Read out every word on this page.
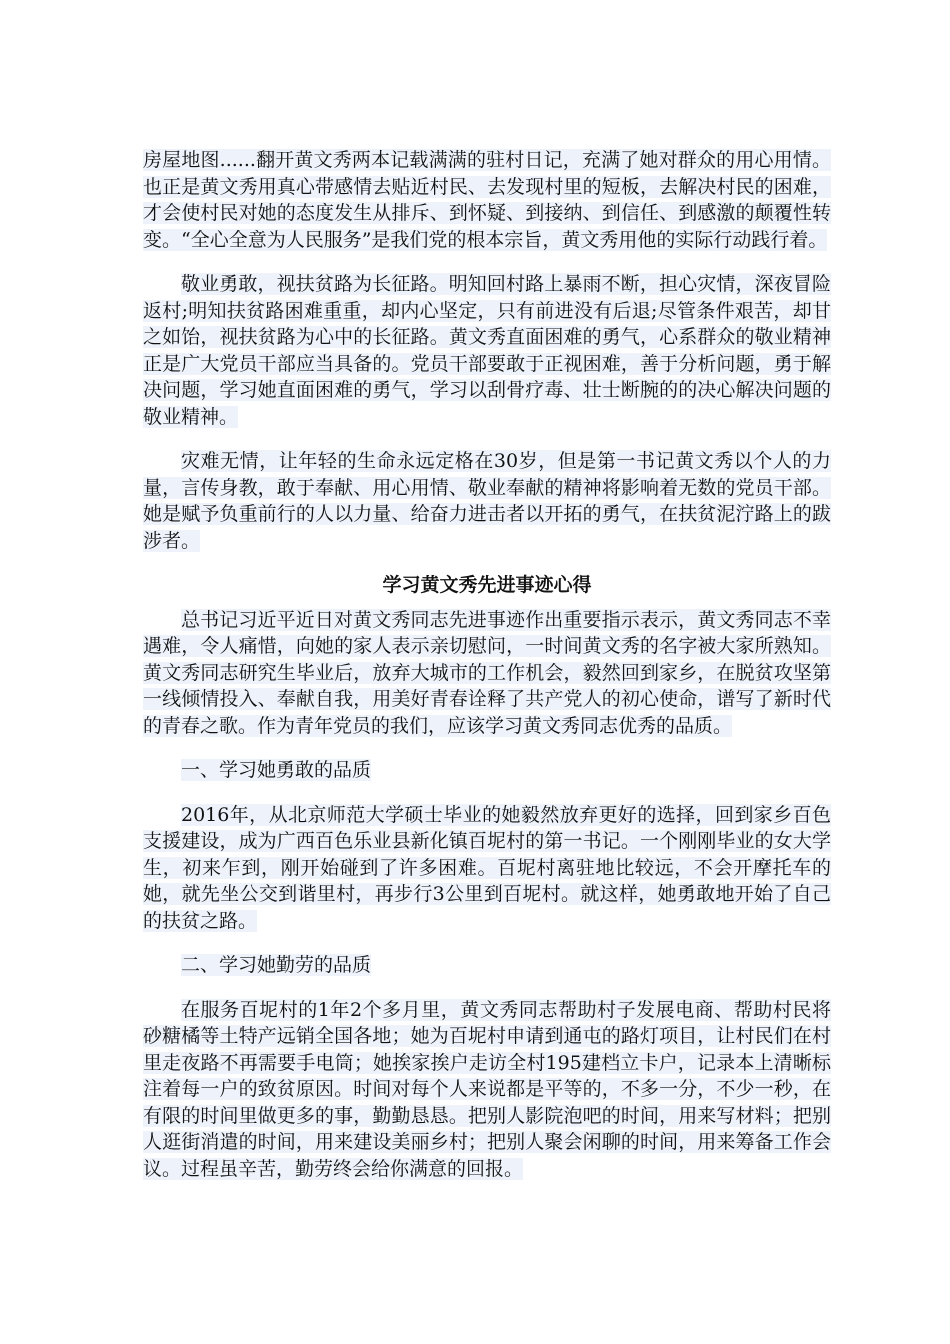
房屋地图......翻开黄文秀两本记载满满的驻村日记，充满了她对群众的用心用情。也正是黄文秀用真心带感情去贴近村民、去发现村里的短板，去解决村民的困难，才会使村民对她的态度发生从排斥、到怀疑、到接纳、到信任、到感激的颠覆性转变。“全心全意为人民服务”是我们党的根本宗旨，黄文秀用他的实际行动践行着。

敬业勇敢，视扶贫路为长征路。明知回村路上暴雨不断，担心灾情，深夜冒险返村;明知扶贫路困难重重，却内心坚定，只有前进没有后退;尽管条件艰苦，却甘之如饴，视扶贫路为心中的长征路。黄文秀直面困难的勇气，心系群众的敬业精神正是广大党员干部应当具备的。党员干部要敢于正视困难，善于分析问题，勇于解决问题，学习她直面困难的勇气，学习以刮骨疗毒、壮士断腕的的决心解决问题的敬业精神。

灾难无情，让年轻的生命永远定格在30岁，但是第一书记黄文秀以个人的力量，言传身教，敢于奉献、用心用情、敬业奉献的精神将影响着无数的党员干部。她是赋予负重前行的人以力量、给奋力进击者以开拓的勇气，在扶贫泥泞路上的跋涉者。

学习黄文秀先进事迹心得

总书记习近平近日对黄文秀同志先进事迹作出重要指示表示，黄文秀同志不幸遇难，令人痛惜，向她的家人表示亲切慰问，一时间黄文秀的名字被大家所熟知。黄文秀同志研究生毕业后，放弃大城市的工作机会，毅然回到家乡，在脱贫攻坚第一线倾情投入、奉献自我，用美好青春诠释了共产党人的初心使命，谱写了新时代的青春之歌。作为青年党员的我们，应该学习黄文秀同志优秀的品质。

一、学习她勇敢的品质

2016年，从北京师范大学硕士毕业的她毅然放弃更好的选择，回到家乡百色支援建设，成为广西百色乐业县新化镇百坭村的第一书记。一个刚刚毕业的女大学生，初来乍到，刚开始碰到了许多困难。百坭村离驻地比较远，不会开摩托车的她，就先坐公交到谐里村，再步行3公里到百坭村。就这样，她勇敢地开始了自己的扶贫之路。

二、学习她勤劳的品质

在服务百坭村的1年2个多月里，黄文秀同志帮助村子发展电商、帮助村民将砂糖橘等土特产远销全国各地；她为百坭村申请到通屯的路灯项目，让村民们在村里走夜路不再需要手电筒；她挨家挨户走访全村195建档立卡户，记录本上清晰标注着每一户的致贫原因。时间对每个人来说都是平等的，不多一分，不少一秒，在有限的时间里做更多的事，勤勤恳恳。把别人影院泡吧的时间，用来写材料；把别人逛街消遣的时间，用来建设美丽乡村；把别人聚会闲聊的时间，用来筹备工作会议。过程虽辛苦，勤劳终会给你满意的回报。
